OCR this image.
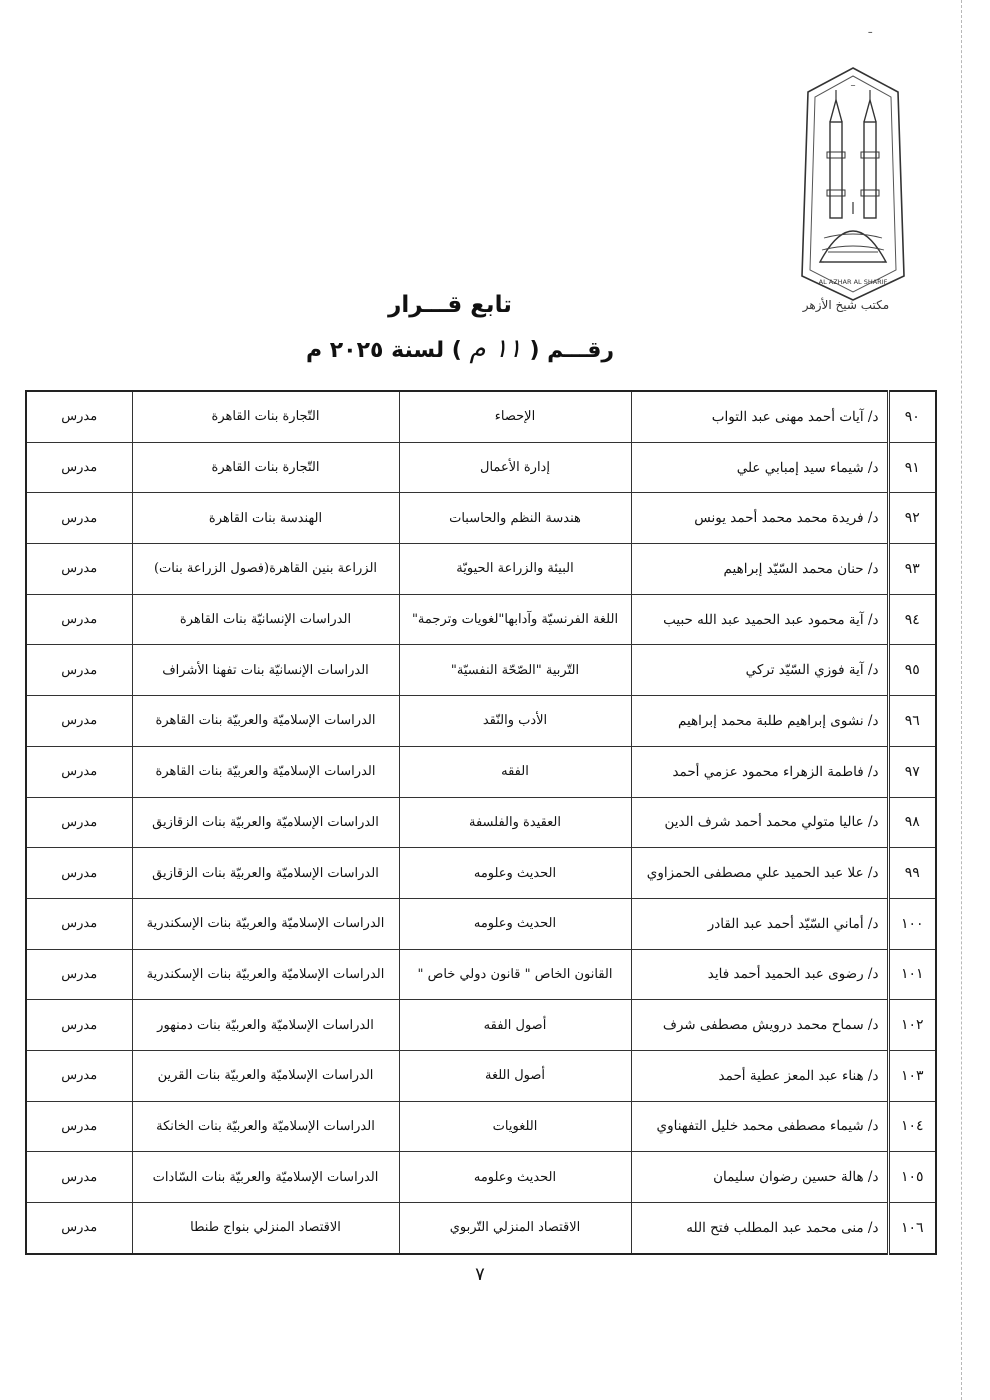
ـ
ــ
AL AZHAR AL SHARIF
مكتب شيخ الأزهر
تابع قـــرار
رقـــم ( ١١ م ) لسنة ٢٠٢٥ م
٩٠	د/ آيات أحمد مهنى عبد التواب	الإحصاء	التّجارة بنات القاهرة	مدرس
٩١	د/ شيماء سيد إمبابي علي	إدارة الأعمال	التّجارة بنات القاهرة	مدرس
٩٢	د/ فريدة محمد محمد أحمد يونس	هندسة النظم والحاسبات	الهندسة بنات القاهرة	مدرس
٩٣	د/ حنان محمد السّيّد إبراهيم	البيئة والزراعة الحيويّة	الزراعة بنين القاهرة(فصول الزراعة بنات)	مدرس
٩٤	د/ آية محمود عبد الحميد عبد الله حبيب	اللغة الفرنسيّة وآدابها"لغويات وترجمة"	الدراسات الإنسانيّة بنات القاهرة	مدرس
٩٥	د/ آية فوزي السّيّد تركي	التّربية "الصّحّة النفسيّة"	الدراسات الإنسانيّة بنات تفهنا الأشراف	مدرس
٩٦	د/ نشوى إبراهيم طلبة محمد إبراهيم	الأدب والنّقد	الدراسات الإسلاميّة والعربيّة بنات القاهرة	مدرس
٩٧	د/ فاطمة الزهراء محمود عزمي أحمد	الفقه	الدراسات الإسلاميّة والعربيّة بنات القاهرة	مدرس
٩٨	د/ عاليا متولي محمد أحمد شرف الدين	العقيدة والفلسفة	الدراسات الإسلاميّة والعربيّة بنات الزقازيق	مدرس
٩٩	د/ علا عبد الحميد علي مصطفى الحمزاوي	الحديث وعلومه	الدراسات الإسلاميّة والعربيّة بنات الزقازيق	مدرس
١٠٠	د/ أماني السّيّد أحمد عبد القادر	الحديث وعلومه	الدراسات الإسلاميّة والعربيّة بنات الإسكندرية	مدرس
١٠١	د/ رضوى عبد الحميد أحمد فايد	القانون الخاص " قانون دولي خاص "	الدراسات الإسلاميّة والعربيّة بنات الإسكندرية	مدرس
١٠٢	د/ سماح محمد درويش مصطفى شرف	أصول الفقه	الدراسات الإسلاميّة والعربيّة بنات دمنهور	مدرس
١٠٣	د/ هناء عبد المعز عطية أحمد	أصول اللغة	الدراسات الإسلاميّة والعربيّة بنات القرين	مدرس
١٠٤	د/ شيماء مصطفى محمد خليل التفهناوي	اللغويات	الدراسات الإسلاميّة والعربيّة بنات الخانكة	مدرس
١٠٥	د/ هالة حسين رضوان سليمان	الحديث وعلومه	الدراسات الإسلاميّة والعربيّة بنات السّادات	مدرس
١٠٦	د/ منى محمد عبد المطلب فتح الله	الاقتصاد المنزلي التّربوي	الاقتصاد المنزلي بنواج طنطا	مدرس
٧
